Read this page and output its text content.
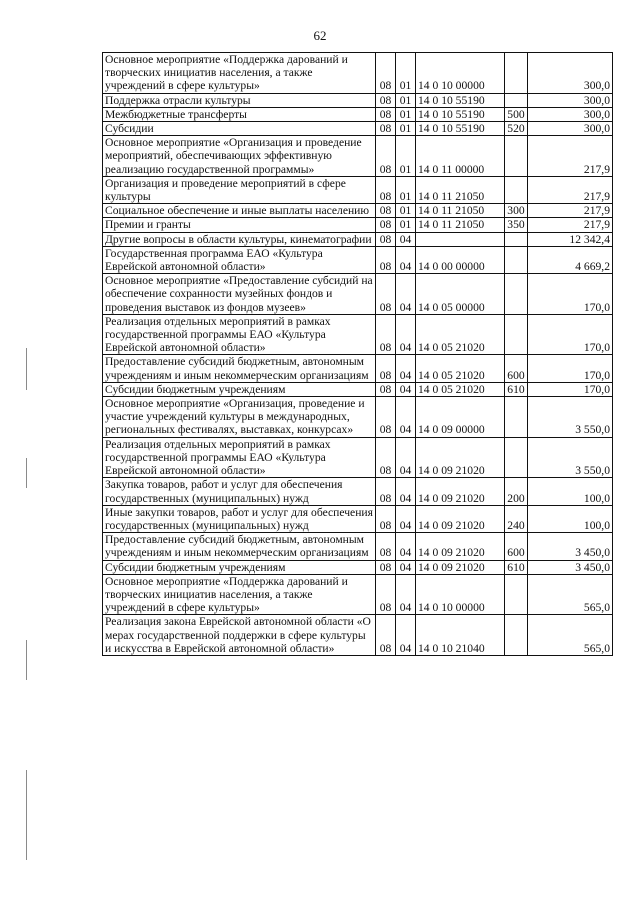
62
Основное мероприятие «Поддержка дарований и творческих инициатив населения, а также учреждений в сфере культуры»	08	01	14 0 10 00000		300,0
Поддержка отрасли культуры	08	01	14 0 10 55190		300,0
Межбюджетные трансферты	08	01	14 0 10 55190	500	300,0
Субсидии	08	01	14 0 10 55190	520	300,0
Основное мероприятие «Организация и проведение мероприятий, обеспечивающих эффективную реализацию государственной программы»	08	01	14 0 11 00000		217,9
Организация и проведение мероприятий в сфере культуры	08	01	14 0 11 21050		217,9
Социальное обеспечение и иные выплаты населению	08	01	14 0 11 21050	300	217,9
Премии и гранты	08	01	14 0 11 21050	350	217,9
Другие вопросы в области культуры, кинематографии	08	04			12 342,4
Государственная программа ЕАО «Культура Еврейской автономной области»	08	04	14 0 00 00000		4 669,2
Основное мероприятие «Предоставление субсидий на обеспечение сохранности музейных фондов и проведения выставок из фондов музеев»	08	04	14 0 05 00000		170,0
Реализация отдельных мероприятий в рамках государственной программы ЕАО «Культура Еврейской автономной области»	08	04	14 0 05 21020		170,0
Предоставление субсидий бюджетным, автономным учреждениям и иным некоммерческим организациям	08	04	14 0 05 21020	600	170,0
Субсидии бюджетным учреждениям	08	04	14 0 05 21020	610	170,0
Основное мероприятие «Организация, проведение и участие учреждений культуры в международных, региональных фестивалях, выставках, конкурсах»	08	04	14 0 09 00000		3 550,0
Реализация отдельных мероприятий в рамках государственной программы ЕАО «Культура Еврейской автономной области»	08	04	14 0 09 21020		3 550,0
Закупка товаров, работ и услуг для обеспечения государственных (муниципальных) нужд	08	04	14 0 09 21020	200	100,0
Иные закупки товаров, работ и услуг для обеспечения государственных (муниципальных) нужд	08	04	14 0 09 21020	240	100,0
Предоставление субсидий бюджетным, автономным учреждениям и иным некоммерческим организациям	08	04	14 0 09 21020	600	3 450,0
Субсидии бюджетным учреждениям	08	04	14 0 09 21020	610	3 450,0
Основное мероприятие «Поддержка дарований и творческих инициатив населения, а также учреждений в сфере культуры»	08	04	14 0 10 00000		565,0
Реализация закона Еврейской автономной области «О мерах государственной поддержки в сфере культуры и искусства в Еврейской автономной области»	08	04	14 0 10 21040		565,0
